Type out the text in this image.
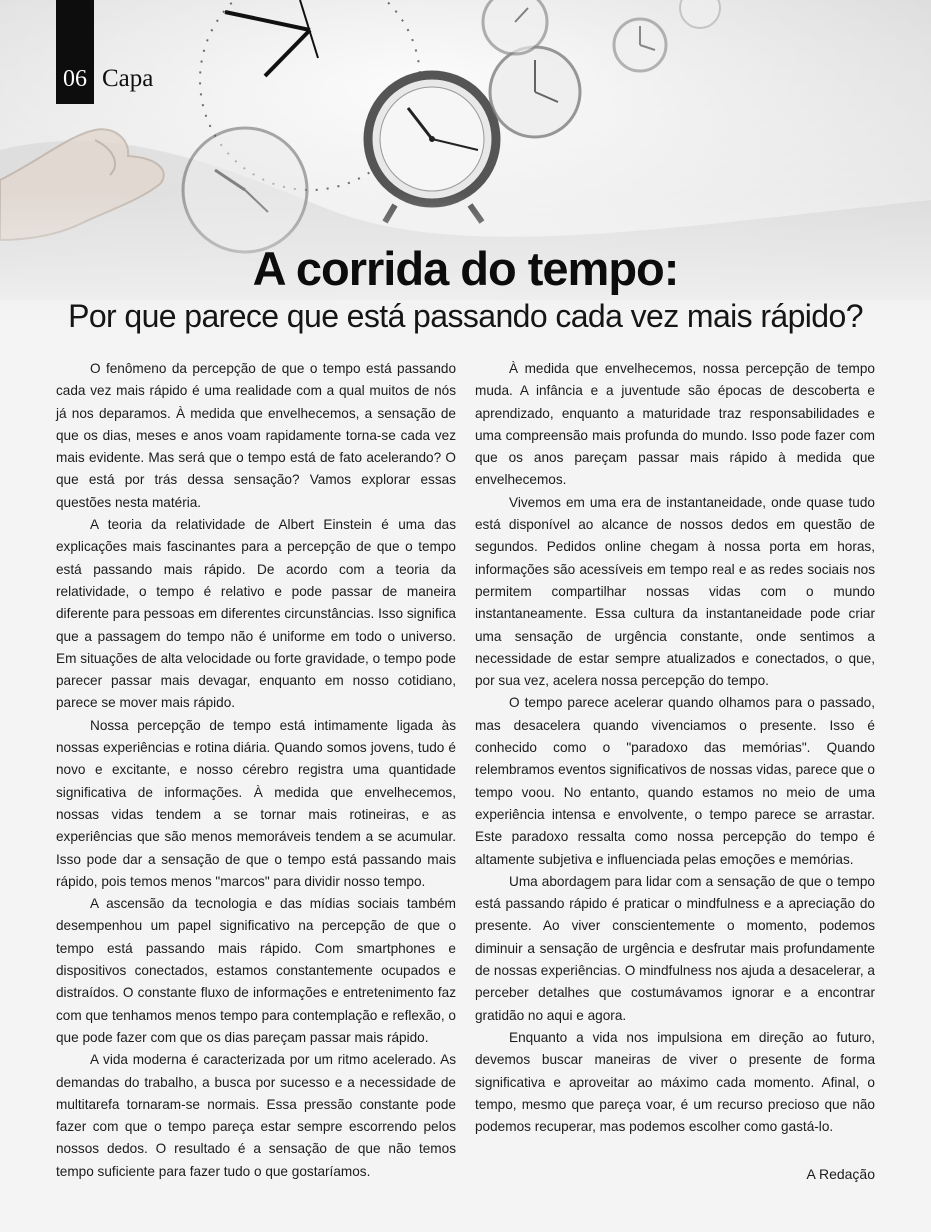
06 Capa
A corrida do tempo:
Por que parece que está passando cada vez mais rápido?

O fenômeno da percepção de que o tempo está passando cada vez mais rápido é uma realidade com a qual muitos de nós já nos deparamos. À medida que envelhecemos, a sensação de que os dias, meses e anos voam rapidamente torna-se cada vez mais evidente. Mas será que o tempo está de fato acelerando? O que está por trás dessa sensação? Vamos explorar essas questões nesta matéria.

A teoria da relatividade de Albert Einstein é uma das explicações mais fascinantes para a percepção de que o tempo está passando mais rápido. De acordo com a teoria da relatividade, o tempo é relativo e pode passar de maneira diferente para pessoas em diferentes circunstâncias. Isso significa que a passagem do tempo não é uniforme em todo o universo. Em situações de alta velocidade ou forte gravidade, o tempo pode parecer passar mais devagar, enquanto em nosso cotidiano, parece se mover mais rápido.

Nossa percepção de tempo está intimamente ligada às nossas experiências e rotina diária. Quando somos jovens, tudo é novo e excitante, e nosso cérebro registra uma quantidade significativa de informações. À medida que envelhecemos, nossas vidas tendem a se tornar mais rotineiras, e as experiências que são menos memoráveis tendem a se acumular. Isso pode dar a sensação de que o tempo está passando mais rápido, pois temos menos "marcos" para dividir nosso tempo.

A ascensão da tecnologia e das mídias sociais também desempenhou um papel significativo na percepção de que o tempo está passando mais rápido. Com smartphones e dispositivos conectados, estamos constantemente ocupados e distraídos. O constante fluxo de informações e entretenimento faz com que tenhamos menos tempo para contemplação e reflexão, o que pode fazer com que os dias pareçam passar mais rápido.

A vida moderna é caracterizada por um ritmo acelerado. As demandas do trabalho, a busca por sucesso e a necessidade de multitarefa tornaram-se normais. Essa pressão constante pode fazer com que o tempo pareça estar sempre escorrendo pelos nossos dedos. O resultado é a sensação de que não temos tempo suficiente para fazer tudo o que gostaríamos.

À medida que envelhecemos, nossa percepção de tempo muda. A infância e a juventude são épocas de descoberta e aprendizado, enquanto a maturidade traz responsabilidades e uma compreensão mais profunda do mundo. Isso pode fazer com que os anos pareçam passar mais rápido à medida que envelhecemos.

Vivemos em uma era de instantaneidade, onde quase tudo está disponível ao alcance de nossos dedos em questão de segundos. Pedidos online chegam à nossa porta em horas, informações são acessíveis em tempo real e as redes sociais nos permitem compartilhar nossas vidas com o mundo instantaneamente. Essa cultura da instantaneidade pode criar uma sensação de urgência constante, onde sentimos a necessidade de estar sempre atualizados e conectados, o que, por sua vez, acelera nossa percepção do tempo.

O tempo parece acelerar quando olhamos para o passado, mas desacelera quando vivenciamos o presente. Isso é conhecido como o "paradoxo das memórias". Quando relembramos eventos significativos de nossas vidas, parece que o tempo voou. No entanto, quando estamos no meio de uma experiência intensa e envolvente, o tempo parece se arrastar. Este paradoxo ressalta como nossa percepção do tempo é altamente subjetiva e influenciada pelas emoções e memórias.

Uma abordagem para lidar com a sensação de que o tempo está passando rápido é praticar o mindfulness e a apreciação do presente. Ao viver conscientemente o momento, podemos diminuir a sensação de urgência e desfrutar mais profundamente de nossas experiências. O mindfulness nos ajuda a desacelerar, a perceber detalhes que costumávamos ignorar e a encontrar gratidão no aqui e agora.

Enquanto a vida nos impulsiona em direção ao futuro, devemos buscar maneiras de viver o presente de forma significativa e aproveitar ao máximo cada momento. Afinal, o tempo, mesmo que pareça voar, é um recurso precioso que não podemos recuperar, mas podemos escolher como gastá-lo.

A Redação
